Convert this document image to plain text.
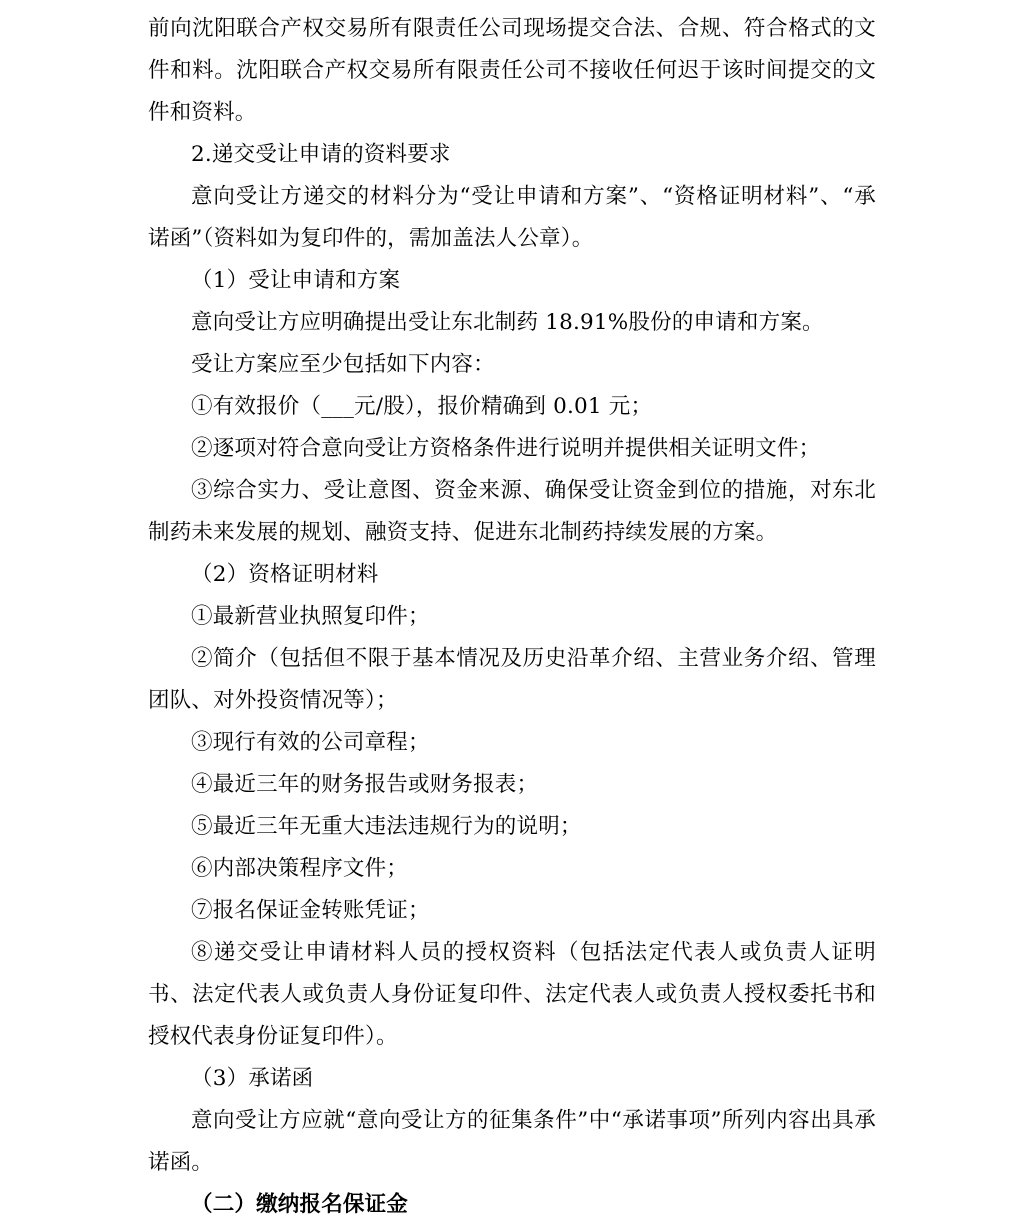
前向沈阳联合产权交易所有限责任公司现场提交合法、合规、符合格式的文件和料。沈阳联合产权交易所有限责任公司不接收任何迟于该时间提交的文件和资料。

2.递交受让申请的资料要求

意向受让方递交的材料分为“受让申请和方案”、“资格证明材料”、“承诺函”（资料如为复印件的，需加盖法人公章）。

（1）受让申请和方案

意向受让方应明确提出受让东北制药 18.91%股份的申请和方案。

受让方案应至少包括如下内容：

①有效报价（___元/股），报价精确到 0.01 元；

②逐项对符合意向受让方资格条件进行说明并提供相关证明文件；

③综合实力、受让意图、资金来源、确保受让资金到位的措施，对东北制药未来发展的规划、融资支持、促进东北制药持续发展的方案。

（2）资格证明材料

①最新营业执照复印件；

②简介（包括但不限于基本情况及历史沿革介绍、主营业务介绍、管理团队、对外投资情况等）；

③现行有效的公司章程；

④最近三年的财务报告或财务报表；

⑤最近三年无重大违法违规行为的说明；

⑥内部决策程序文件；

⑦报名保证金转账凭证；

⑧递交受让申请材料人员的授权资料（包括法定代表人或负责人证明书、法定代表人或负责人身份证复印件、法定代表人或负责人授权委托书和授权代表身份证复印件）。

（3）承诺函

意向受让方应就“意向受让方的征集条件”中“承诺事项”所列内容出具承诺函。

（二）缴纳报名保证金
